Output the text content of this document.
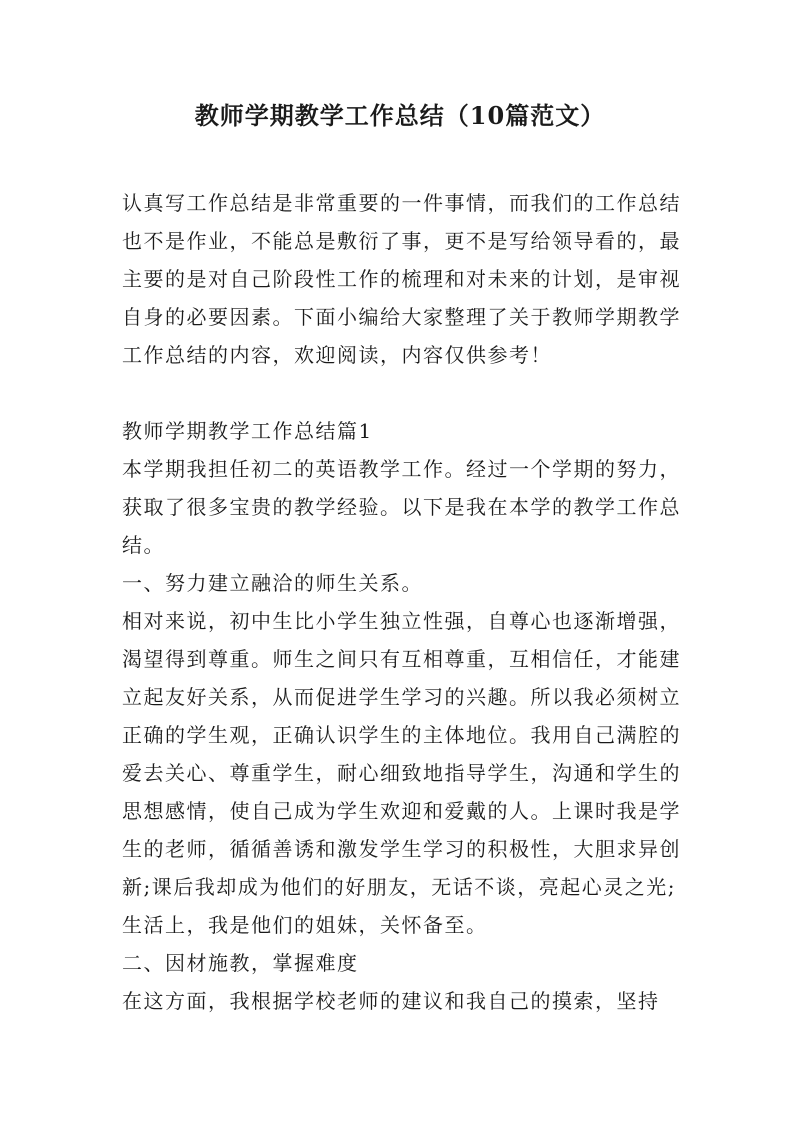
教师学期教学工作总结（10篇范文）
认真写工作总结是非常重要的一件事情，而我们的工作总结
也不是作业，不能总是敷衍了事，更不是写给领导看的，最
主要的是对自己阶段性工作的梳理和对未来的计划，是审视
自身的必要因素。下面小编给大家整理了关于教师学期教学
工作总结的内容，欢迎阅读，内容仅供参考！
教师学期教学工作总结篇1
本学期我担任初二的英语教学工作。经过一个学期的努力，
获取了很多宝贵的教学经验。以下是我在本学的教学工作总
结。
一、努力建立融洽的师生关系。
相对来说，初中生比小学生独立性强，自尊心也逐渐增强，
渴望得到尊重。师生之间只有互相尊重，互相信任，才能建
立起友好关系，从而促进学生学习的兴趣。所以我必须树立
正确的学生观，正确认识学生的主体地位。我用自己满腔的
爱去关心、尊重学生，耐心细致地指导学生，沟通和学生的
思想感情，使自己成为学生欢迎和爱戴的人。上课时我是学
生的老师，循循善诱和激发学生学习的积极性，大胆求异创
新;课后我却成为他们的好朋友，无话不谈，亮起心灵之光;
生活上，我是他们的姐妹，关怀备至。
二、因材施教，掌握难度
在这方面，我根据学校老师的建议和我自己的摸索，坚持
